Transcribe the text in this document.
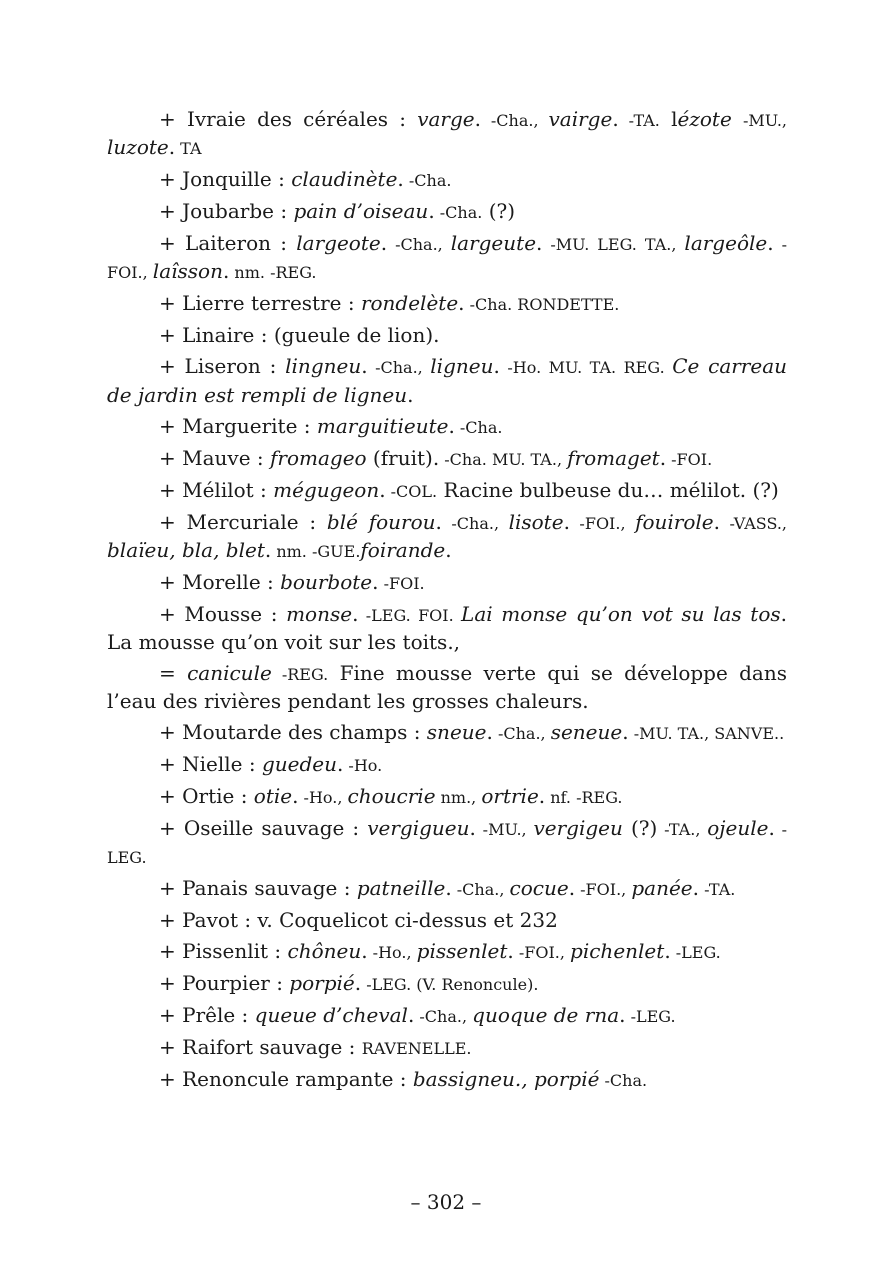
+ Ivraie des céréales : varge. -Cha., vairge. -TA. lézote -MU., luzote. TA

+ Jonquille : claudinète. -Cha.

+ Joubarbe : pain d’oiseau. -Cha. (?)

+ Laiteron : largeote. -Cha., largeute. -MU. LEG. TA., largeôle. -FOI., laîsson. nm. -REG.

+ Lierre terrestre : rondelète. -Cha. RONDETTE.

+ Linaire : (gueule de lion).

+ Liseron : lingneu. -Cha., ligneu. -Ho. MU. TA. REG. Ce carreau de jardin est rempli de ligneu.

+ Marguerite : marguitieute. -Cha.

+ Mauve : fromageo (fruit). -Cha. MU. TA., fromaget. -FOI.

+ Mélilot : mégugeon. -COL. Racine bulbeuse du… mélilot. (?)

+ Mercuriale : blé fourou. -Cha., lisote. -FOI., fouirole. -VASS., blaïeu, bla, blet. nm. -GUE.foirande.

+ Morelle : bourbote. -FOI.

+ Mousse : monse. -LEG. FOI. Lai monse qu’on vot su las tos. La mousse qu’on voit sur les toits.,

= canicule -REG. Fine mousse verte qui se développe dans l’eau des rivières pendant les grosses chaleurs.

+ Moutarde des champs : sneue. -Cha., seneue. -MU. TA., SANVE..

+ Nielle : guedeu. -Ho.

+ Ortie : otie. -Ho., choucrie nm., ortrie. nf. -REG.

+ Oseille sauvage : vergigueu. -MU., vergigeu (?) -TA., ojeule. -LEG.

+ Panais sauvage : patneille. -Cha., cocue. -FOI., panée. -TA.

+ Pavot : v. Coquelicot ci-dessus et 232

+ Pissenlit : chôneu. -Ho., pissenlet. -FOI., pichenlet. -LEG.

+ Pourpier : porpié. -LEG. (V. Renoncule).

+ Prêle : queue d’cheval. -Cha., quoque de rna. -LEG.

+ Raifort sauvage : RAVENELLE.

+ Renoncule rampante : bassigneu., porpié -Cha.

– 302 –
